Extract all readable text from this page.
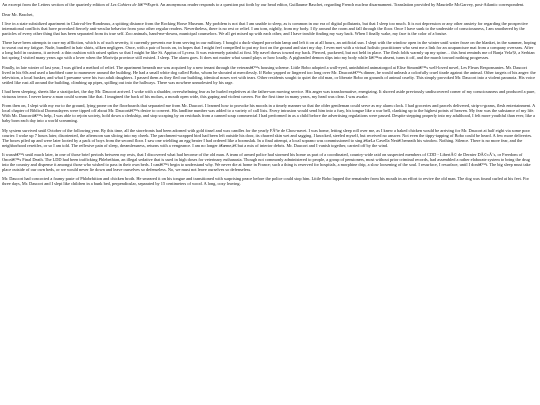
An excerpt from the Letters section of the quarterly edition of Les Cahiers de lâ€™Esprit. An anonymous reader responds to a question put forth by our head editor, Guillaume Baschet, regarding French nuclear disarmament. Translation provided by Maurielle McGarvey, post-Atlantic correspondent.

Dear Mr. Baschet,

I live in a state subsidized apartment in Clairval-les-Rondeaux, a spitting distance from the Rocking Horse Museum. My problem is not that I am unable to sleep, as is common in our era of digital pollutants, but that I sleep too much. It is not depression or any other anxiety for regarding the prospective international conflicts that have provoked fiercely anti-secular behavior from your other regular readers. Nevertheless, there is no rest or relief. I am torn, nightly, from my body. I fly around the room and fall through the floor. Once I have sunk to the underside of consciousness, I am smothered by the particles of every other thing that has been separated from its true self. Zoo animals, hand-me-downs, municipal counselors. We all get mixed up with each other, and I have trouble finding my way back. When I finally wake, my face is the color of a bruise.

There have been attempts to cure my affliction, which is of such severity, it currently prevents me from serving in our military. I bought a duck-shaped porcelain lamp and left it on at all hours, an artificial sun. I slept with the window open in the winter until water froze on the blanket, in the summer, hoping to sweat out my fatigue. Nude, bundled in hair shirts, silken negligees. Once, with a pair of boots on, in hopes that I might feel compelled to put my foot on the ground and start my day. I even met with a virtual holistic practitioner who sent me a link for an acupuncture mat from a company overseas. After a long hold in customs, it arrived: a thin cushion with raised spikes so that I might be like St. Appius of Lycera. It was extremely painful at first. My navel draws toward my back. Pierced, puckered, but not held in place. The flesh folds warmly up my spine… this heat reminds me of Banja Vela†ž, a Serbian hot spring I visited many years ago with a lover when the Morivija province still existed. I sleep. The alarm goes. It does not matter what sound plays or how loudly. A pigheaded demon slips into my body while Iâ€™m absent, turns it off, and the march toward nothing progresses.

Finally, in late winter of last year, I was gifted a method of relief. The apartment beneath me was acquired by a new tenant through the veteranâ€™s housing scheme. Little Bobo adopted a wall-eyed, uninhibited animatorgod at Elise Simonâ€™s well-loved novel, Les Fleurs Responsantes. Mr. Daucort lived in his 60s and used a knobbed cane to maneuver around the building. He had a small white dog called Bobo, whom he shouted at mercilessly. If Bobo yapped or lingered too long over Mr. Daucortâ€™s dinner, he would unleash a colorfully cruel tirade against the animal. Other targets of his anger: the television, a local busker, and what I presume were his two adult daughters. I passed them as they fled our building, identical noses wet with tears. Other residents sought to quiet the old man, or liberate Bobo on grounds of animal cruelty. This simply provoked Mr. Daucort into a violent paranoia. His voice settled like rust all around the building, climbing up pipes, spilling out into the hallways. There was nowhere unmolested by his rage.

I had been sleeping, sheets like a straitjacket, the day Mr. Daucort arrived. I woke with a shudder, overwhelming fear as he hurled expletives at the father-son moving service. His anger was transformative, energizing. It shoved aside previously undiscovered corner of my consciousness and produced a pure, virtuous terror. I never knew a man could scream like that. I imagined the back of his molars, a mouth open wide, this gaping and violent cavern. For the first time in many years, my head was clear. I was awake.

From then on, I slept with my ear to the ground, lying prone on the floorboards that separated me from Mr. Daucort. I learned how to provoke his moods in a timely manner so that the older gentleman could serve as my alarm clock. I had groceries and parcels delivered, strip-o-grams, flesh entertainment. A local chapter of Biblical Doomsdayers were tipped off about Mr. Daucortâ€™s desire to convert. His landline number was added to a variety of call lists. Every intrusion would send him into a fury, his tongue like a war bell, clanking up to the highest points of heaven. My fear was the substance of my life. With Mr. Daucortâ€™s help, I was able to rejoin society, hold down a clerkship, and stop scraping by on residuals from a canned soup commercial I had performed in as a child before the advertising regulations were passed. Despite stepping properly into my adulthood, I felt more youthful than ever, like a baby born each day into a world screaming.

My system survived until October of the following year. By this time, all the storefronts had been adorned with gold tinsel and wax candles for the yearly FÃªte de Chou-navet. I was home, letting sleep roll over me, as I knew a baked chicken would be arriving for Mr. Daucort at half eight via some poor courier. I woke up 7 hours later, disoriented, the afternoon sun slicing into my cheek. The parchment-wrapped bird had been left outside his door, its charred skin wet and sagging. I knocked, steeled myself, but received no answer. Not even the tippy-tapping of Bobo could be heard. A few more deliveries. The boxes piled up and were later looted by a pack of boys from the second floor. I saw one wielding an egg beater I had ordered like a boomslak. In a final attempt, a local soprano was commissioned to sing ä€œLa Cavella Nerä€ beneath his window. Nothing. Silence. There is no more fear, and the neighborhood resettles, or so I am told. The reflexive pain of sleep, dreamlessness, returns with a vengeance. I am no longer ä€œme,ä€ but a mix of interior debris. Mr. Daucort and I vanish together, carried off by the wind.

It wasnâ€™t until much later, in one of those brief periods between my rests, that I discovered what had become of the old man. A team of armed police had stormed his home as part of a coordinated, country-wide raid on suspected members of CDD - LibertÃ© de Dernier DÃ©cÃ¨s, or Freedom of Onceâ€™s Final Death. The LDD had been trafficking Phlebethian, an illegal sedative that is used in high doses for veterinary euthanasia. Though not commonly administered to people, a group of pensioners, most without prior criminal records, had assembled a rather elaborate system to bring the drug into the country and dispense it amongst those who wished to pass in their own beds. I canâ€™t begin to understand why. We never die at home in France; such a thing is reserved for hospitals, a morphine drip, a slow loosening of the soul. I resurface, I resurface, until I donâ€™t. The big sleep must take place outside of our own beds, or we would never lie down and leave ourselves so defenseless. No, we must not leave ourselves so defenseless.

Mr. Daucort had concocted a foamy paste of Phlobrbition and chicken broth. He smeared it on his tongue and transitioned with surprising peace before the police could stop him. Little Bobo lapped the remainder from his mouth in an effort to revive the old man. The dog was found curled at his feet. For three days, Mr. Daucort and I slept like children in a bunk bed, perpendicular, separated by 15 centimeters of wood. A long, cozy leaving.
